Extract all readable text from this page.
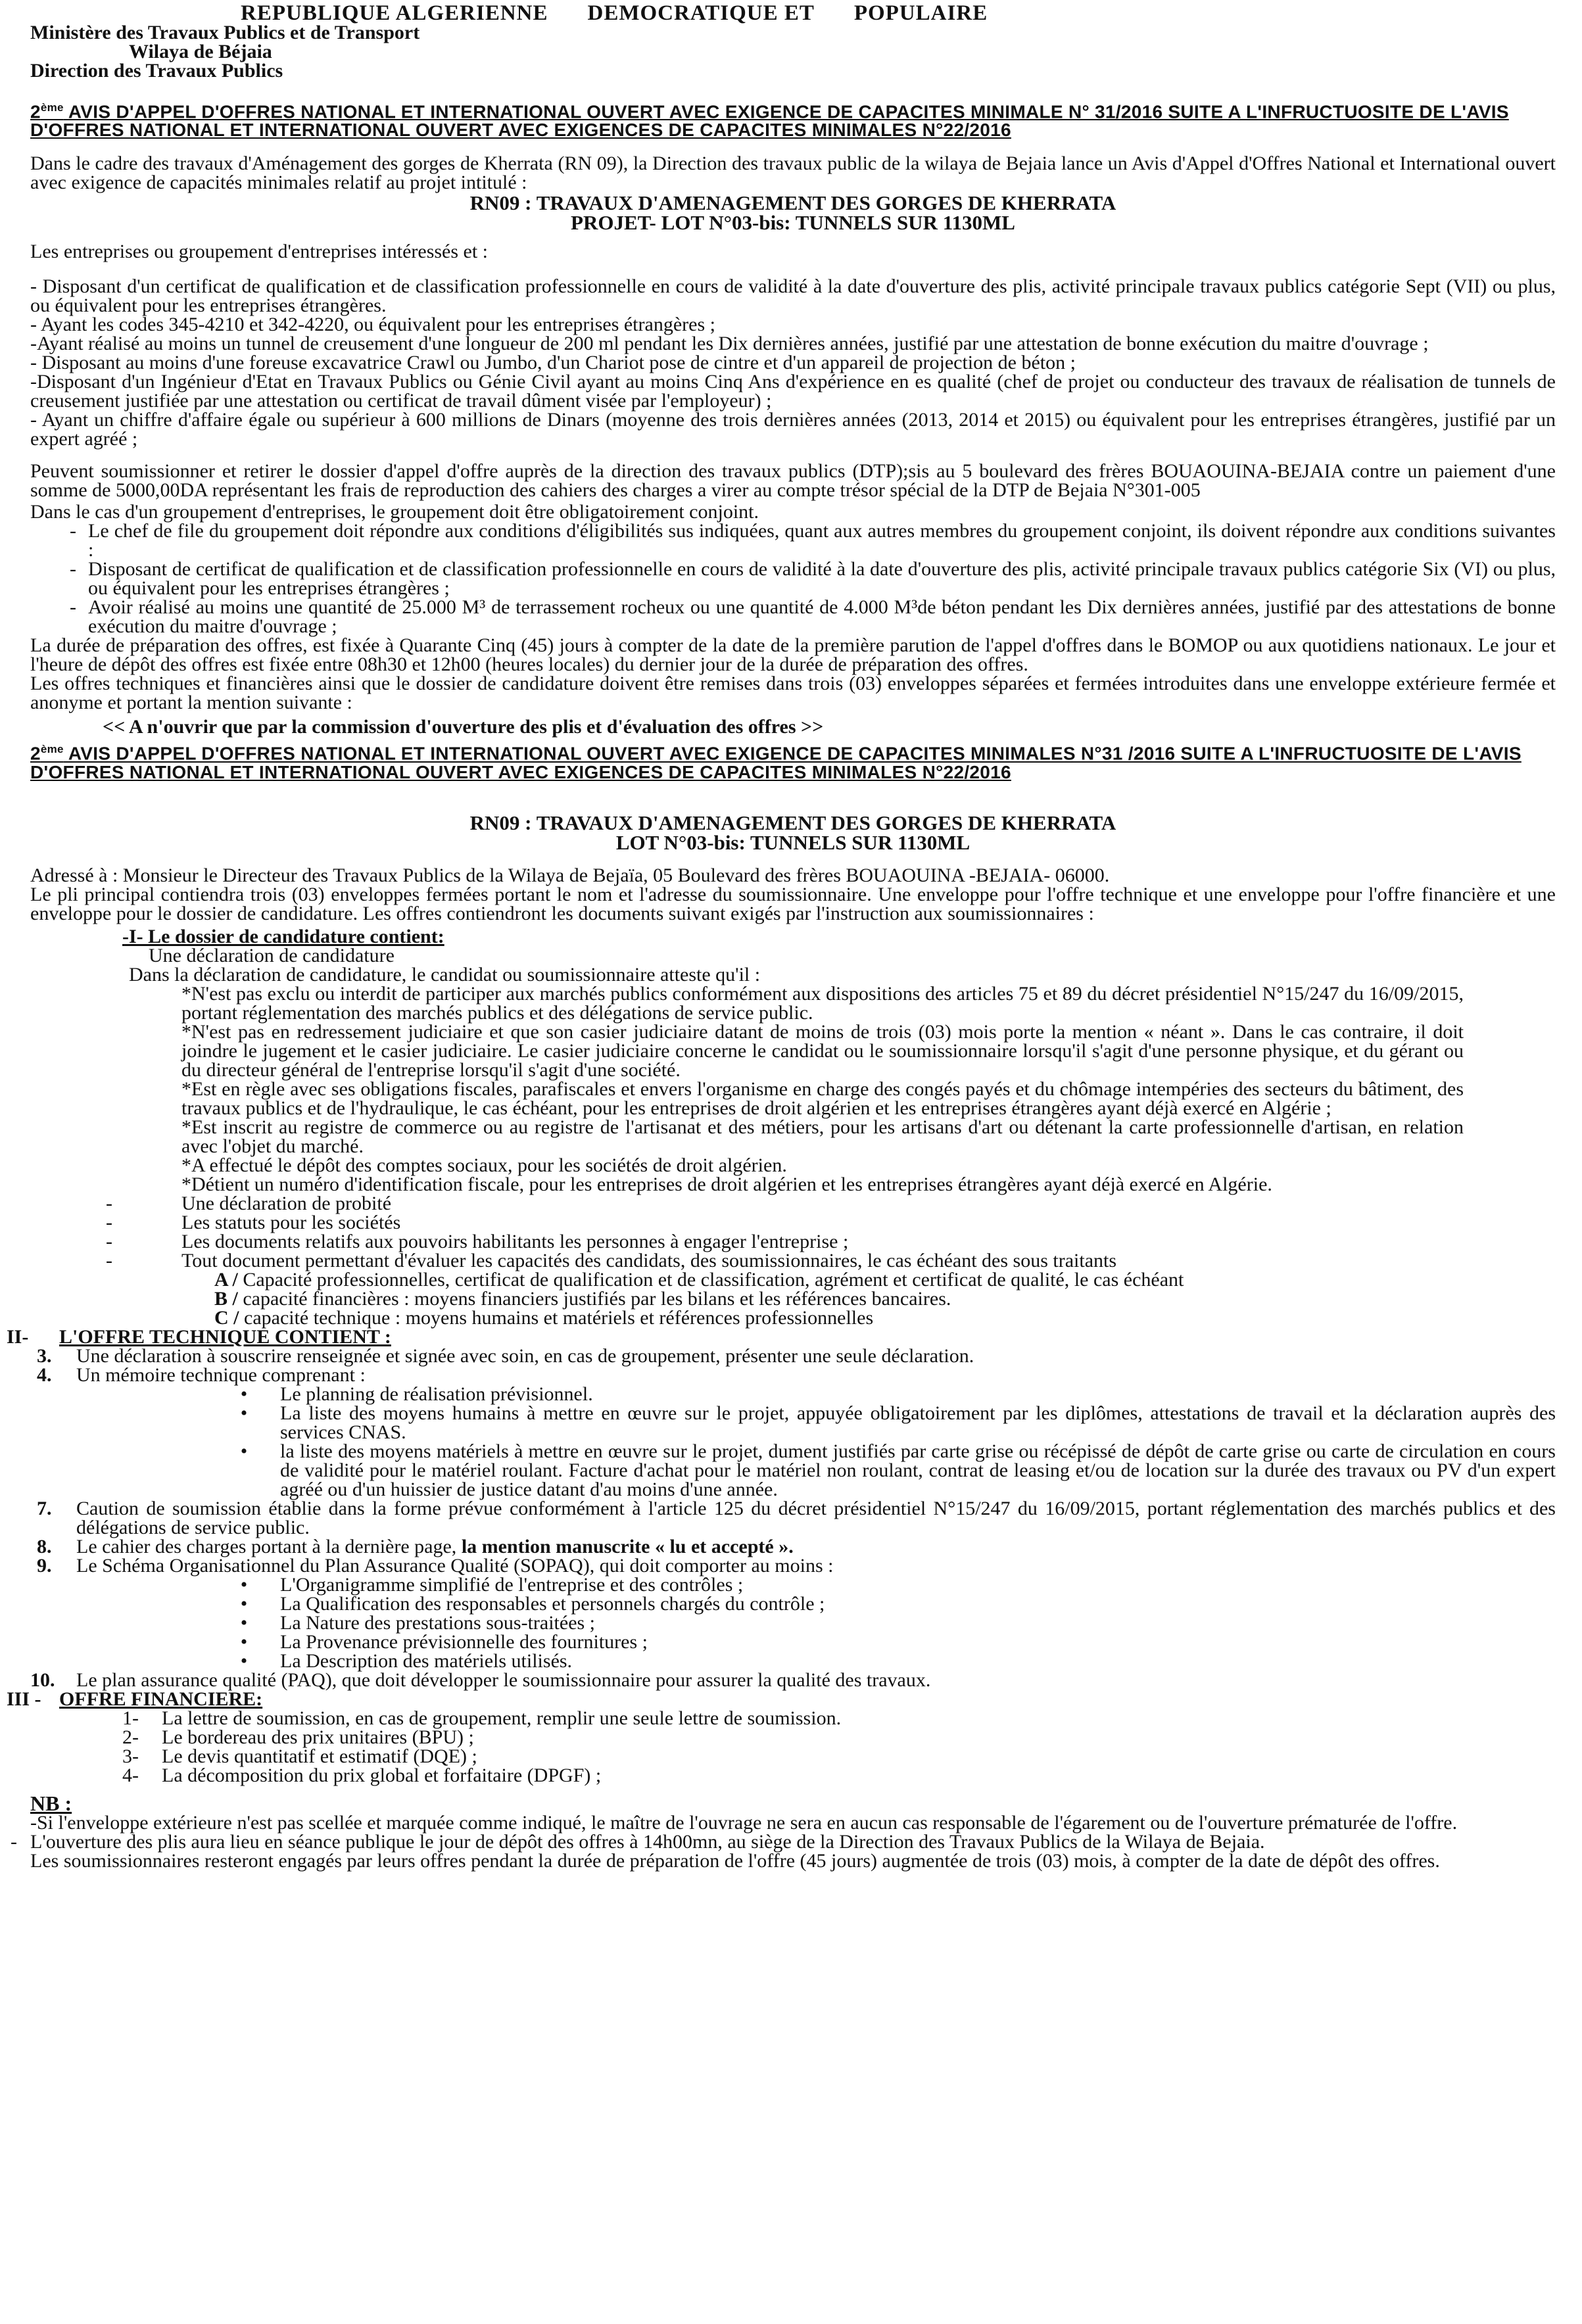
REPUBLIQUE ALGERIENNE DEMOCRATIQUE ET POPULAIRE

Ministère des Travaux Publics et de Transport

Wilaya de Béjaia

Direction des Travaux Publics

2ème AVIS D'APPEL D'OFFRES NATIONAL ET INTERNATIONAL OUVERT AVEC EXIGENCE DE CAPACITES MINIMALE N° 31/2016 SUITE A L'INFRUCTUOSITE DE L'AVIS D'OFFRES NATIONAL ET INTERNATIONAL OUVERT AVEC EXIGENCES DE CAPACITES MINIMALES N°22/2016

Dans le cadre des travaux d'Aménagement des gorges de Kherrata (RN 09), la Direction des travaux public de la wilaya de Bejaia lance un Avis d'Appel d'Offres National et International ouvert avec exigence de capacités minimales relatif au projet intitulé :

RN09 : TRAVAUX D'AMENAGEMENT DES GORGES DE KHERRATA

PROJET- LOT N°03-bis: TUNNELS SUR 1130ML

Les entreprises ou groupement d'entreprises intéressés et :

- Disposant d'un certificat de qualification et de classification professionnelle en cours de validité à la date d'ouverture des plis, activité principale travaux publics catégorie Sept (VII) ou plus, ou équivalent pour les entreprises étrangères.

- Ayant les codes 345-4210 et 342-4220, ou équivalent pour les entreprises étrangères ;

-Ayant réalisé au moins un tunnel de creusement d'une longueur de 200 ml pendant les Dix dernières années, justifié par une attestation de bonne exécution du maitre d'ouvrage ;

- Disposant au moins d'une foreuse excavatrice Crawl ou Jumbo, d'un Chariot pose de cintre et d'un appareil de projection de béton ;

-Disposant d'un Ingénieur d'Etat en Travaux Publics ou Génie Civil ayant au moins Cinq Ans d'expérience en es qualité (chef de projet ou conducteur des travaux de réalisation de tunnels de creusement justifiée par une attestation ou certificat de travail dûment visée par l'employeur) ;

- Ayant un chiffre d'affaire égale ou supérieur à 600 millions de Dinars (moyenne des trois dernières années (2013, 2014 et 2015) ou équivalent pour les entreprises étrangères, justifié par un expert agréé ;

Peuvent soumissionner et retirer le dossier d'appel d'offre auprès de la direction des travaux publics (DTP);sis au 5 boulevard des frères BOUAOUINA-BEJAIA contre un paiement d'une somme de 5000,00DA représentant les frais de reproduction des cahiers des charges a virer au compte trésor spécial de la DTP de Bejaia N°301-005

Dans le cas d'un groupement d'entreprises, le groupement doit être obligatoirement conjoint.

- Le chef de file du groupement doit répondre aux conditions d'éligibilités sus indiquées, quant aux autres membres du groupement conjoint, ils doivent répondre aux conditions suivantes :
- Disposant de certificat de qualification et de classification professionnelle en cours de validité à la date d'ouverture des plis, activité principale travaux publics catégorie Six (VI) ou plus, ou équivalent pour les entreprises étrangères ;
- Avoir réalisé au moins une quantité de 25.000 M³ de terrassement rocheux ou une quantité de 4.000 M³de béton pendant les Dix dernières années, justifié par des attestations de bonne exécution du maitre d'ouvrage ;

La durée de préparation des offres, est fixée à Quarante Cinq (45) jours à compter de la date de la première parution de l'appel d'offres dans le BOMOP ou aux quotidiens nationaux. Le jour et l'heure de dépôt des offres est fixée entre 08h30 et 12h00 (heures locales) du dernier jour de la durée de préparation des offres.

Les offres techniques et financières ainsi que le dossier de candidature doivent être remises dans trois (03) enveloppes séparées et fermées introduites dans une enveloppe extérieure fermée et anonyme et portant la mention suivante :

<< A n'ouvrir que par la commission d'ouverture des plis et d'évaluation des offres >>

2ème AVIS D'APPEL D'OFFRES NATIONAL ET INTERNATIONAL OUVERT AVEC EXIGENCE DE CAPACITES MINIMALES N°31 /2016 SUITE A L'INFRUCTUOSITE DE L'AVIS D'OFFRES NATIONAL ET INTERNATIONAL OUVERT AVEC EXIGENCES DE CAPACITES MINIMALES N°22/2016

RN09 : TRAVAUX D'AMENAGEMENT DES GORGES DE KHERRATA

LOT N°03-bis: TUNNELS SUR 1130ML

Adressé à : Monsieur le Directeur des Travaux Publics de la Wilaya de Bejaïa, 05 Boulevard des frères BOUAOUINA -BEJAIA- 06000.

Le pli principal contiendra trois (03) enveloppes fermées portant le nom et l'adresse du soumissionnaire. Une enveloppe pour l'offre technique et une enveloppe pour l'offre financière et une enveloppe pour le dossier de candidature. Les offres contiendront les documents suivant exigés par l'instruction aux soumissionnaires :

-I- Le dossier de candidature contient:

Une déclaration de candidature

Dans la déclaration de candidature, le candidat ou soumissionnaire atteste qu'il :

*N'est pas exclu ou interdit de participer aux marchés publics conformément aux dispositions des articles 75 et 89 du décret présidentiel N°15/247 du 16/09/2015, portant réglementation des marchés publics et des délégations de service public.

*N'est pas en redressement judiciaire et que son casier judiciaire datant de moins de trois (03) mois porte la mention « néant ». Dans le cas contraire, il doit joindre le jugement et le casier judiciaire. Le casier judiciaire concerne le candidat ou le soumissionnaire lorsqu'il s'agit d'une personne physique, et du gérant ou du directeur général de l'entreprise lorsqu'il s'agit d'une société.

*Est en règle avec ses obligations fiscales, parafiscales et envers l'organisme en charge des congés payés et du chômage intempéries des secteurs du bâtiment, des travaux publics et de l'hydraulique, le cas échéant, pour les entreprises de droit algérien et les entreprises étrangères ayant déjà exercé en Algérie ;

*Est inscrit au registre de commerce ou au registre de l'artisanat et des métiers, pour les artisans d'art ou détenant la carte professionnelle d'artisan, en relation avec l'objet du marché.

*A effectué le dépôt des comptes sociaux, pour les sociétés de droit algérien.

*Détient un numéro d'identification fiscale, pour les entreprises de droit algérien et les entreprises étrangères ayant déjà exercé en Algérie.

-	Une déclaration de probité
-	Les statuts pour les sociétés
-	Les documents relatifs aux pouvoirs habilitants les personnes à engager l'entreprise ;
-	Tout document permettant d'évaluer les capacités des candidats, des soumissionnaires, le cas échéant des sous traitants

A / Capacité professionnelles, certificat de qualification et de classification, agrément et certificat de qualité, le cas échéant

B / capacité financières : moyens financiers justifiés par les bilans et les références bancaires.

C / capacité technique : moyens humains et matériels et références professionnelles

II-	L'OFFRE TECHNIQUE CONTIENT :
3.	Une déclaration à souscrire renseignée et signée avec soin, en cas de groupement, présenter une seule déclaration.
4.	Un mémoire technique comprenant :
•	Le planning de réalisation prévisionnel.
•	La liste des moyens humains à mettre en œuvre sur le projet, appuyée obligatoirement par les diplômes, attestations de travail et la déclaration auprès des services CNAS.
•	la liste des moyens matériels à mettre en œuvre sur le projet, dument justifiés par carte grise ou récépissé de dépôt de carte grise ou carte de circulation en cours de validité pour le matériel roulant. Facture d'achat pour le matériel non roulant, contrat de leasing et/ou de location sur la durée des travaux ou PV d'un expert agréé ou d'un huissier de justice datant d'au moins d'une année.
7.	Caution de soumission établie dans la forme prévue conformément à l'article 125 du décret présidentiel N°15/247 du 16/09/2015, portant réglementation des marchés publics et des délégations de service public.
8.	Le cahier des charges portant à la dernière page, la mention manuscrite « lu et accepté ».
9.	Le Schéma Organisationnel du Plan Assurance Qualité (SOPAQ), qui doit comporter au moins :
•	L'Organigramme simplifié de l'entreprise et des contrôles ;
•	La Qualification des responsables et personnels chargés du contrôle ;
•	La Nature des prestations sous-traitées ;
•	La Provenance prévisionnelle des fournitures ;
•	La Description des matériels utilisés.
10.	Le plan assurance qualité (PAQ), que doit développer le soumissionnaire pour assurer la qualité des travaux.
III - OFFRE FINANCIERE:
1-	La lettre de soumission, en cas de groupement, remplir une seule lettre de soumission.
2-	Le bordereau des prix unitaires (BPU) ;
3-	Le devis quantitatif et estimatif (DQE) ;
4-	La décomposition du prix global et forfaitaire (DPGF) ;

NB :

-Si l'enveloppe extérieure n'est pas scellée et marquée comme indiqué, le maître de l'ouvrage ne sera en aucun cas responsable de l'égarement ou de l'ouverture prématurée de l'offre.

- L'ouverture des plis aura lieu en séance publique le jour de dépôt des offres à 14h00mn, au siège de la Direction des Travaux Publics de la Wilaya de Bejaia.

Les soumissionnaires resteront engagés par leurs offres pendant la durée de préparation de l'offre (45 jours) augmentée de trois (03) mois, à compter de la date de dépôt des offres.
